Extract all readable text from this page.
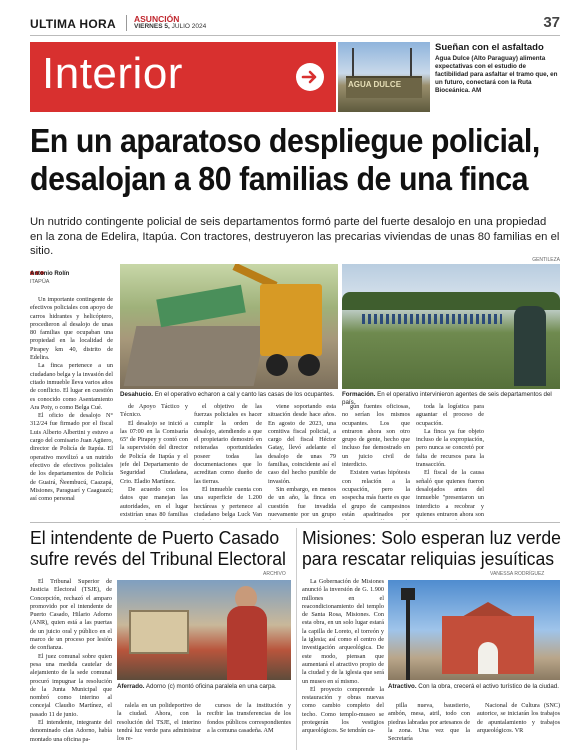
ULTIMA HORA ASUNCIÓN
VIERNES 5, JULIO 2024	37
Interior	AGUA DULCE
Sueñan con el asfaltado
Agua Dulce (Alto Paraguay) alimenta expectativas con el estudio de factibilidad para asfaltar el tramo que, en un futuro, conectará con la Ruta Bioceánica. AM
En un aparatoso despliegue policial,
desalojan a 80 familias de una finca
Un nutrido contingente policial de seis departamentos formó parte del fuerte desalojo en una propiedad en la zona de Edelira, Itapúa. Con tractores, destruyeron las precarias viviendas de unas 80 familias en el sitio.
Antonio Rolín
ITAPÚA

Un importante contingente de efectivos policiales con apoyo de carros hidrantes y helicóptero, procedieron al desalojo de unas 80 familias que ocupaban una propiedad en la localidad de Pirapey km 40, distrito de Edelira.

La finca pertenece a un ciudadano belga y la invasión del citado inmueble lleva varios años de conflicto. El lugar en cuestión es conocido como Asentamiento Ara Poty, o como Belga Cué.

El oficio de desalojo N° 312/24 fue firmado por el fiscal Luis Alberto Albertini y estuvo a cargo del comisario Juan Agüero, director de Policía de Itapúa. El operativo movilizó a un nutrido efectivo de efectivos policiales de los departamentos de Policía de Guairá, Ñeembucú, Caazapá, Misiones, Paraguarí y Caaguazú; así como personal

GENTILEZA
Desahucio. En el operativo echaron a cal y canto las casas de los ocupantes.	Formación. En el operativo intervinieron agentes de seis departamentos del país.

de Apoyo Táctico y Técnico.

El desalojo se inició a las 07:00 en la Comisaría 65ª de Pirapey y contó con la supervisión del director de Policía de Itapúa y el jefe del Departamento de Seguridad Ciudadana, Crio. Eladio Martínez.

De acuerdo con los datos que manejan las autoridades, en el lugar existirían unas 80 familias

el objetivo de las fuerzas policiales es hacer cumplir la orden de desalojo, atendiendo a que el propietario demostró en reiteradas oportunidades poseer todas las documentaciones que lo acreditan como dueño de las tierras.

El inmueble cuenta con una superficie de 1.200 hectáreas y pertenece al ciudadano belga Luck Van

viene soportando esta situación desde hace años. En agosto de 2023, una comitiva fiscal policial, a cargo del fiscal Héctor Gatay, llevó adelante el desalojo de unas 79 familias, coincidente así el caso del hecho punible de invasión.

Sin embargo, en menos de un año, la finca en cuestión fue invadida nuevamente por un grupo

gún fuentes oficiosas, no serían los mismos ocupantes. Los que entraron ahora son otro grupo de gente, hecho que incluso fue demostrado en un juicio civil de interdicto.

Existen varias hipótesis con relación a la ocupación, pero la sospecha más fuerte es que el grupo de campesinos están apadrinados por

toda la logística para aguantar el proceso de ocupación.

La finca ya fue objeto incluso de la expropiación, pero nunca se concretó por falta de recursos para la transacción.

El fiscal de la causa señaló que quienes fueron desalojados antes del inmueble "presentaron un interdicto a recobrar y quienes entraron ahora son

El intendente de Puerto Casado
sufre revés del Tribunal Electoral
ARCHIVO

El Tribunal Superior de Justicia Electoral (TSJE), de Concepción, rechazó el amparo promovido por el intendente de Puerto Casado, Hilario Adorno (ANR), quien está a las puertas de un juicio oral y público en el marco de un proceso por lesión de confianza.

El juez comunal sobre quien pesa una medida cautelar de alejamiento de la sede comunal procuró impugnar la resolución de la Junta Municipal que nombró como interino al concejal Claudio Martínez, el pasado 11 de junio.

El intendente, integrante del denominado clan Adorno, había montado una oficina pa-

Aferrado. Adorno (c) montó oficina paralela en una carpa.

ralela en un polideportivo de la ciudad. Ahora, con la resolución del TSJE, el interino tendrá luz verde para administrar los re-

cursos de la institución y recibir las transferencias de los fondos públicos correspondientes a la comuna casadeña. AM

Misiones: Solo esperan luz verde
para rescatar reliquias jesuíticas
VANESSA RODRÍGUEZ

La Gobernación de Misiones anunció la inversión de G. 1.900 millones en el reacondicionamiento del templo de Santa Rosa, Misiones. Con esta obra, en un solo lugar estará la capilla de Loreto, el torreón y la iglesia; así como el centro de investigación arqueológica. De este modo, piensan que aumentará el atractivo propio de la ciudad y de la iglesia que será un museo en sí mismo.

El proyecto comprende la restauración y obras nuevas como cambio completo del techo. Como templo-museo se protegerán los vestigios arqueológicos. Se tendrán ca-

Atractivo. Con la obra, crecerá el activo turístico de la ciudad.

pilla nueva, baustierio, ambón, mesa, atril, todo con piedras labradas por artesanos de la zona. Una vez que la Secretaría

Nacional de Cultura (SNC) autorice, se iniciarán los trabajos de apuntalamiento y trabajos arqueológicos. VR
